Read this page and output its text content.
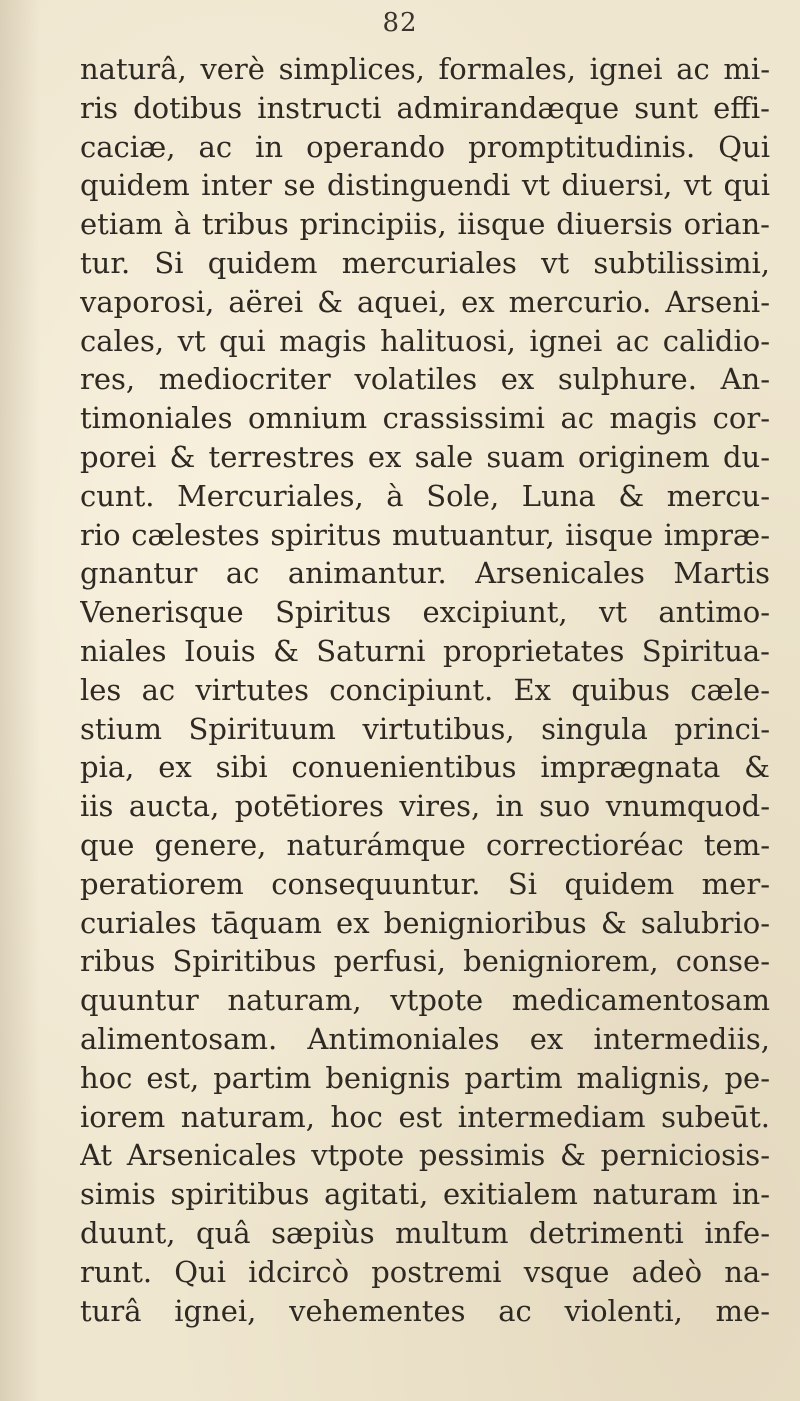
82
naturâ, verè simplices, formales, ignei ac mi-
ris dotibus instructi admirandæque sunt effi-
caciæ, ac in operando promptitudinis. Qui
quidem inter se distinguendi vt diuersi, vt qui
etiam à tribus principiis, iisque diuersis orian-
tur. Si quidem mercuriales vt subtilissimi,
vaporosi, aërei & aquei, ex mercurio. Arseni-
cales, vt qui magis halituosi, ignei ac calidio-
res, mediocriter volatiles ex sulphure. An-
timoniales omnium crassissimi ac magis cor-
porei & terrestres ex sale suam originem du-
cunt. Mercuriales, à Sole, Luna & mercu-
rio cælestes spiritus mutuantur, iisque impræ-
gnantur ac animantur. Arsenicales Martis
Venerisque Spiritus excipiunt, vt antimo-
niales Iouis & Saturni proprietates Spiritua-
les ac virtutes concipiunt. Ex quibus cæle-
stium Spirituum virtutibus, singula princi-
pia, ex sibi conuenientibus imprægnata &
iis aucta, potētiores vires, in suo vnumquod-
que genere, naturámque correctioréac tem-
peratiorem consequuntur. Si quidem mer-
curiales tāquam ex benignioribus & salubrio-
ribus Spiritibus perfusi, benigniorem, conse-
quuntur naturam, vtpote medicamentosam
alimentosam. Antimoniales ex intermediis,
hoc est, partim benignis partim malignis, pe-
iorem naturam, hoc est intermediam subeūt.
At Arsenicales vtpote pessimis & perniciosis-
simis spiritibus agitati, exitialem naturam in-
duunt, quâ sæpiùs multum detrimenti infe-
runt. Qui idcircò postremi vsque adeò na-
turâ ignei, vehementes ac violenti, me-
